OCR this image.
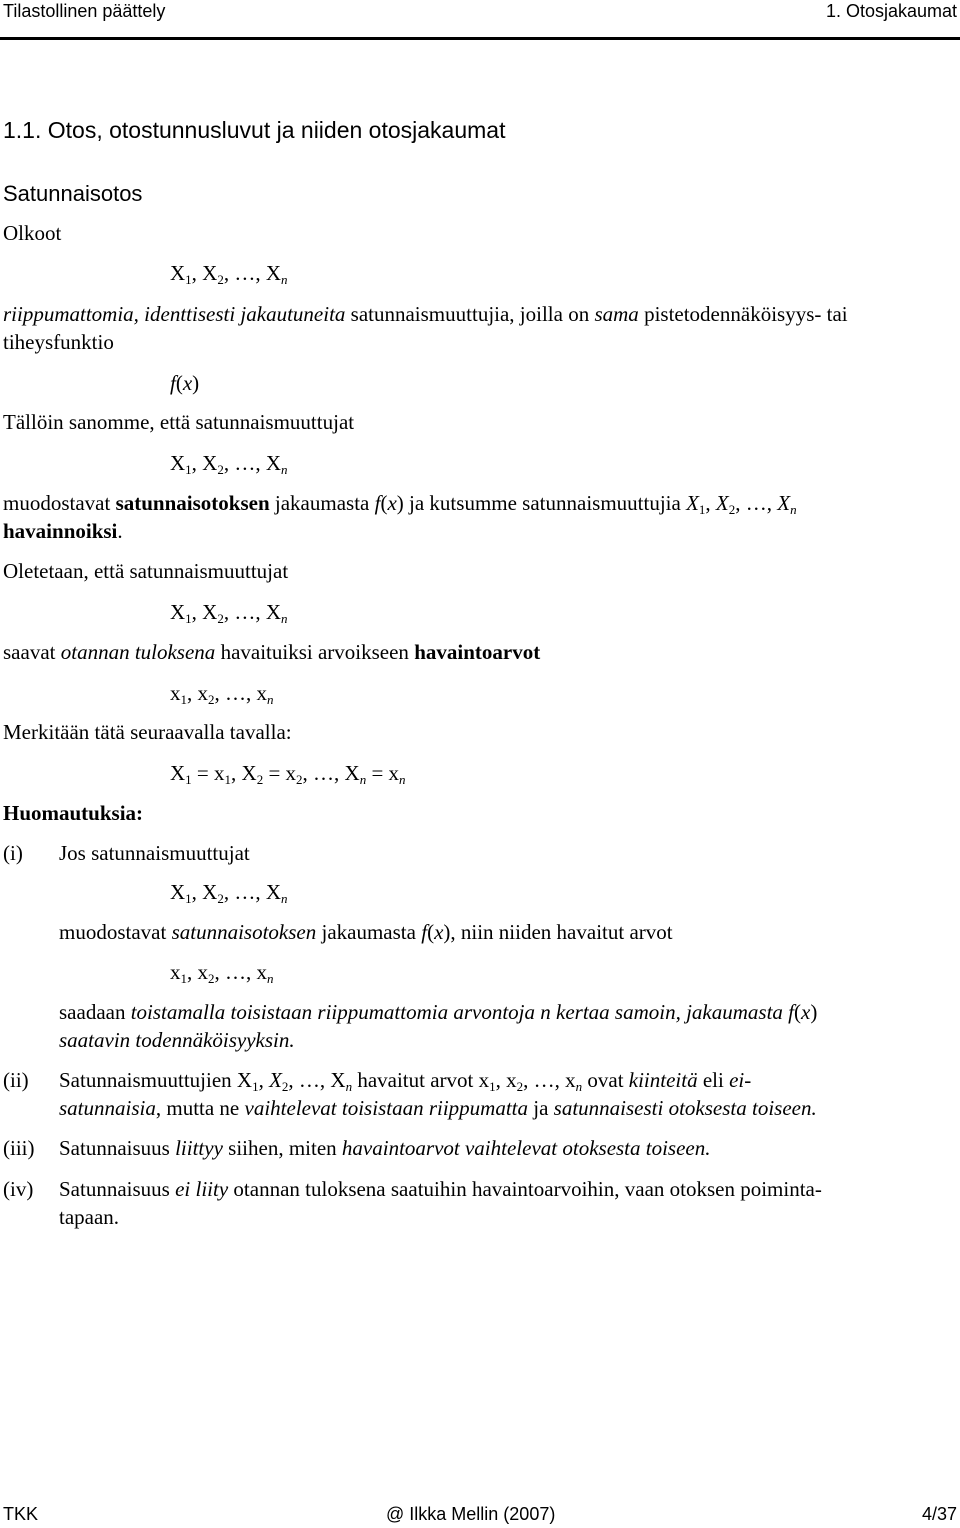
Tilastollinen päättely	1. Otosjakaumat
1.1. Otos, otostunnusluvut ja niiden otosjakaumat
Satunnaisotos
Olkoot
$X_1$, $X_2$, …, $X_n$
riippumattomia, identtisesti jakautuneita satunnaismuuttujia, joilla on sama pistetodennäköisyys- tai
tiheysfunktio
f(x)
Tällöin sanomme, että satunnaismuuttujat
$X_1$, $X_2$, …, $X_n$
muodostavat satunnaisotoksen jakaumasta f(x) ja kutsumme satunnaismuuttujia $X_1$, $X_2$, …, $X_n$
havainnoiksi.
Oletetaan, että satunnaismuuttujat
$X_1$, $X_2$, …, $X_n$
saavat otannan tuloksena havaituiksi arvoikseen havaintoarvot
$x_1$, $x_2$, …, $x_n$
Merkitään tätä seuraavalla tavalla:
$X_1 = x_1$, $X_2 = x_2$, …, $X_n = x_n$
Huomautuksia:
(i) Jos satunnaismuuttujat
$X_1$, $X_2$, …, $X_n$
muodostavat satunnaisotoksen jakaumasta f(x), niin niiden havaitut arvot
$x_1$, $x_2$, …, $x_n$
saadaan toistamalla toisistaan riippumattomia arvontoja n kertaa samoin, jakaumasta f(x)
saatavin todennäköisyyksin.
(ii) Satunnaismuuttujien $X_1$, $X_2$, …, $X_n$ havaitut arvot $x_1$, $x_2$, …, $x_n$ ovat kiinteitä eli ei-
satunnaisia, mutta ne vaihtelevat toisistaan riippumatta ja satunnaisesti otoksesta toiseen.
(iii) Satunnaisuus liittyy siihen, miten havaintoarvot vaihtelevat otoksesta toiseen.
(iv) Satunnaisuus ei liity otannan tuloksena saatuihin havaintoarvoihin, vaan otoksen poiminta-
tapaan.
TKK	@ Ilkka Mellin (2007)	4/37
